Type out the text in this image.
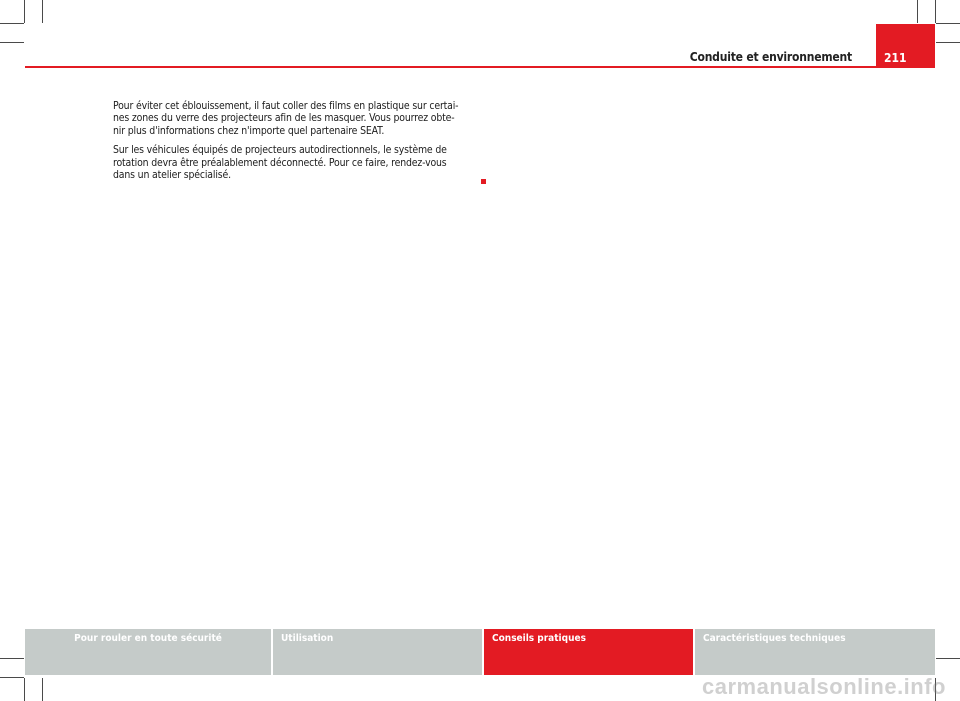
Conduite et environnement	211

Pour éviter cet éblouissement, il faut coller des films en plastique sur certai-
nes zones du verre des projecteurs afin de les masquer. Vous pourrez obte-
nir plus d'informations chez n'importe quel partenaire SEAT.

Sur les véhicules équipés de projecteurs autodirectionnels, le système de
rotation devra être préalablement déconnecté. Pour ce faire, rendez-vous
dans un atelier spécialisé.

Pour rouler en toute sécurité	Utilisation	Conseils pratiques	Caractéristiques techniques
carmanualsonline.info
